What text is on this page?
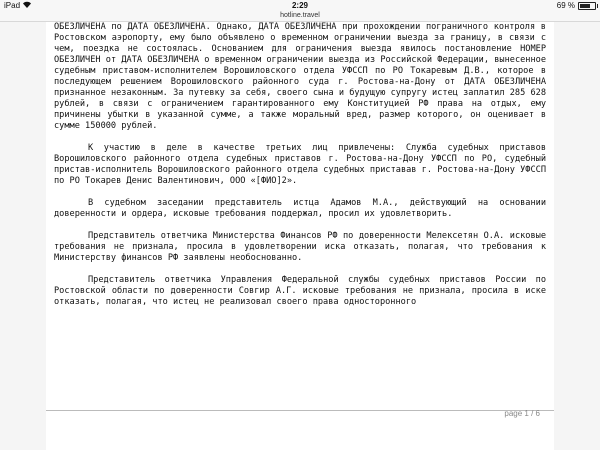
iPad	2:29	69 %
hotline.travel

ОБЕЗЛИЧЕНА по ДАТА ОБЕЗЛИЧЕНА. Однако, ДАТА ОБЕЗЛИЧЕНА при прохождении пограничного контроля в Ростовском аэропорту, ему было объявлено о временном ограничении выезда за границу, в связи с чем, поездка не состоялась. Основанием для ограничения выезда явилось постановление НОМЕР ОБЕЗЛИЧЕН от ДАТА ОБЕЗЛИЧЕНА о временном ограничении выезда из Российской Федерации, вынесенное судебным приставом-исполнителем Ворошиловского отдела УФССП по РО Токаревым Д.В., которое в последующем решением Ворошиловского районного суда г. Ростова-на-Дону от ДАТА ОБЕЗЛИЧЕНА признанное незаконным. За путевку за себя, своего сына и будущую супругу истец заплатил 285 628 рублей, в связи с ограничением гарантированного ему Конституцией РФ права на отдых, ему причинены убытки в указанной сумме, а также моральный вред, размер которого, он оценивает в сумме 150000 рублей.

К участию в деле в качестве третьих лиц привлечены: Служба судебных приставов Ворошиловского районного отдела судебных приставов г. Ростова-на-Дону УФССП по РО, судебный пристав-исполнитель Ворошиловского районного отдела судебных приставав г. Ростова-на-Дону УФССП по РО Токарев Денис Валентинович, ООО «[ФИО]2».

В судебном заседании представитель истца Адамов М.А., действующий на основании доверенности и ордера, исковые требования поддержал, просил их удовлетворить.

Представитель ответчика Министерства Финансов РФ по доверенности Мелексетян О.А. исковые требования не признала, просила в удовлетворении иска отказать, полагая, что требования к Министерству финансов РФ заявлены необоснованно.

Представитель ответчика Управления Федеральной службы судебных приставов России по Ростовской области по доверенности Совгир А.Г. исковые требования не признала, просила в иске отказать, полагая, что истец не реализовал своего права односторонного

page 1 / 6
